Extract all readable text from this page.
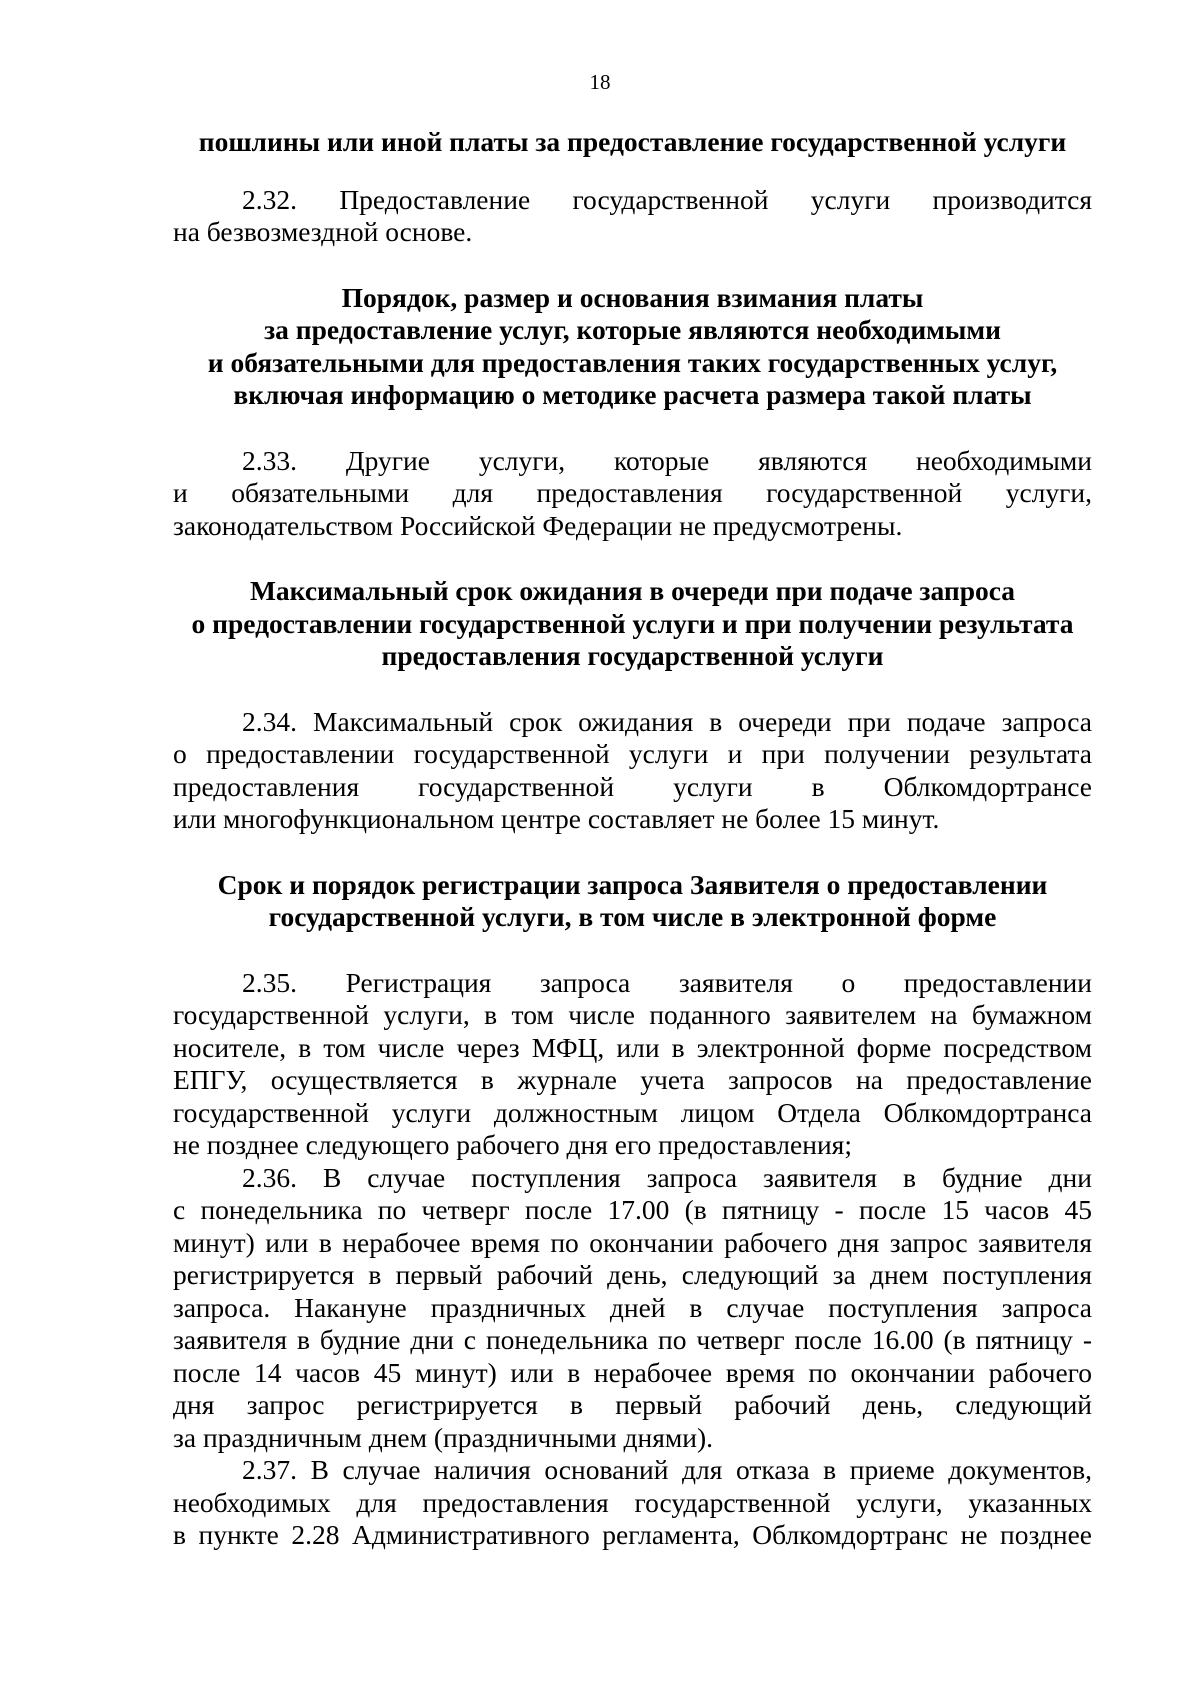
18
пошлины или иной платы за предоставление государственной услуги
2.32. Предоставление государственной услуги производится
на безвозмездной основе.
Порядок, размер и основания взимания платы
за предоставление услуг, которые являются необходимыми
и обязательными для предоставления таких государственных услуг,
включая информацию о методике расчета размера такой платы
2.33. Другие услуги, которые являются необходимыми
и обязательными для предоставления государственной услуги,
законодательством Российской Федерации не предусмотрены.
Максимальный срок ожидания в очереди при подаче запроса
о предоставлении государственной услуги и при получении результата
предоставления государственной услуги
2.34. Максимальный срок ожидания в очереди при подаче запроса
о предоставлении государственной услуги и при получении результата
предоставления государственной услуги в Облкомдортрансе
или многофункциональном центре составляет не более 15 минут.
Срок и порядок регистрации запроса Заявителя о предоставлении
государственной услуги, в том числе в электронной форме
2.35. Регистрация запроса заявителя о предоставлении
государственной услуги, в том числе поданного заявителем на бумажном
носителе, в том числе через МФЦ, или в электронной форме посредством
ЕПГУ, осуществляется в журнале учета запросов на предоставление
государственной услуги должностным лицом Отдела Облкомдортранса
не позднее следующего рабочего дня его предоставления;
2.36. В случае поступления запроса заявителя в будние дни
с понедельника по четверг после 17.00 (в пятницу - после 15 часов 45
минут) или в нерабочее время по окончании рабочего дня запрос заявителя
регистрируется в первый рабочий день, следующий за днем поступления
запроса. Накануне праздничных дней в случае поступления запроса
заявителя в будние дни с понедельника по четверг после 16.00 (в пятницу -
после 14 часов 45 минут) или в нерабочее время по окончании рабочего
дня запрос регистрируется в первый рабочий день, следующий
за праздничным днем (праздничными днями).
2.37. В случае наличия оснований для отказа в приеме документов,
необходимых для предоставления государственной услуги, указанных
в пункте 2.28 Административного регламента, Облкомдортранс не позднее
